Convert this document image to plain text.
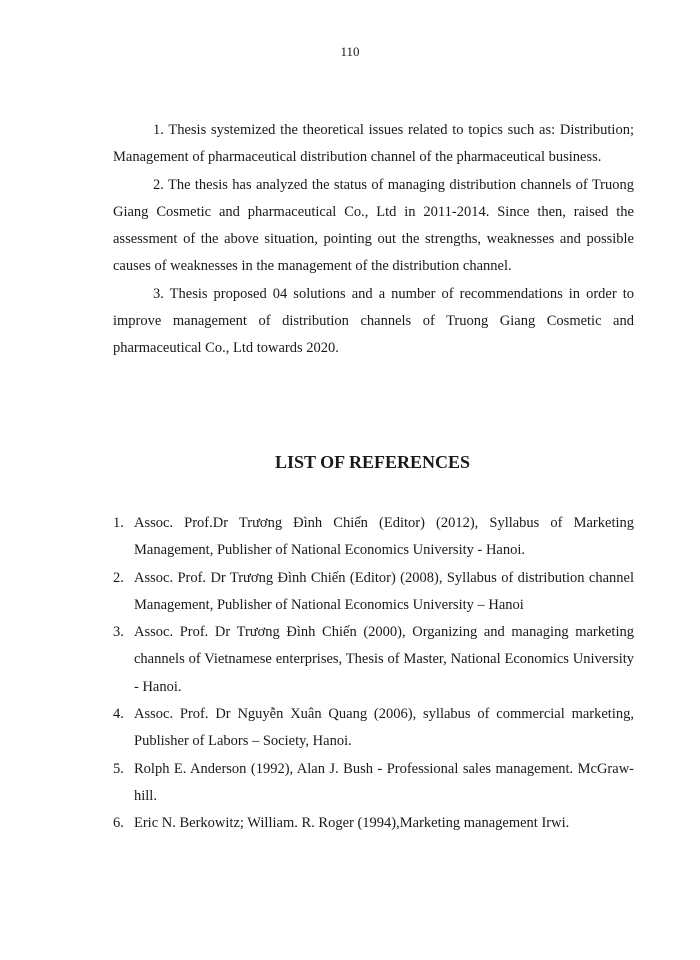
110

1. Thesis systemized the theoretical issues related to topics such as: Distribution; Management of pharmaceutical distribution channel of the pharmaceutical business.

2. The thesis has analyzed the status of managing distribution channels of Truong Giang Cosmetic and pharmaceutical Co., Ltd in 2011-2014. Since then, raised the assessment of the above situation, pointing out the strengths, weaknesses and possible causes of weaknesses in the management of the distribution channel.

3. Thesis proposed 04 solutions and a number of recommendations in order to improve management of distribution channels of Truong Giang Cosmetic and pharmaceutical Co., Ltd towards 2020.

LIST OF REFERENCES
1. Assoc. Prof.Dr Trương Đình Chiến (Editor) (2012), Syllabus of Marketing Management, Publisher of National Economics University - Hanoi.
2. Assoc. Prof. Dr Trương Đình Chiến (Editor) (2008), Syllabus of distribution channel Management, Publisher of National Economics University – Hanoi
3. Assoc. Prof. Dr Trương Đình Chiến (2000), Organizing and managing marketing channels of Vietnamese enterprises, Thesis of Master, National Economics University - Hanoi.
4. Assoc. Prof. Dr Nguyễn Xuân Quang (2006), syllabus of commercial marketing, Publisher of Labors – Society, Hanoi.
5. Rolph E. Anderson (1992), Alan J. Bush - Professional sales management. McGraw-hill.
6. Eric N. Berkowitz; William. R. Roger (1994),Marketing management Irwi.
